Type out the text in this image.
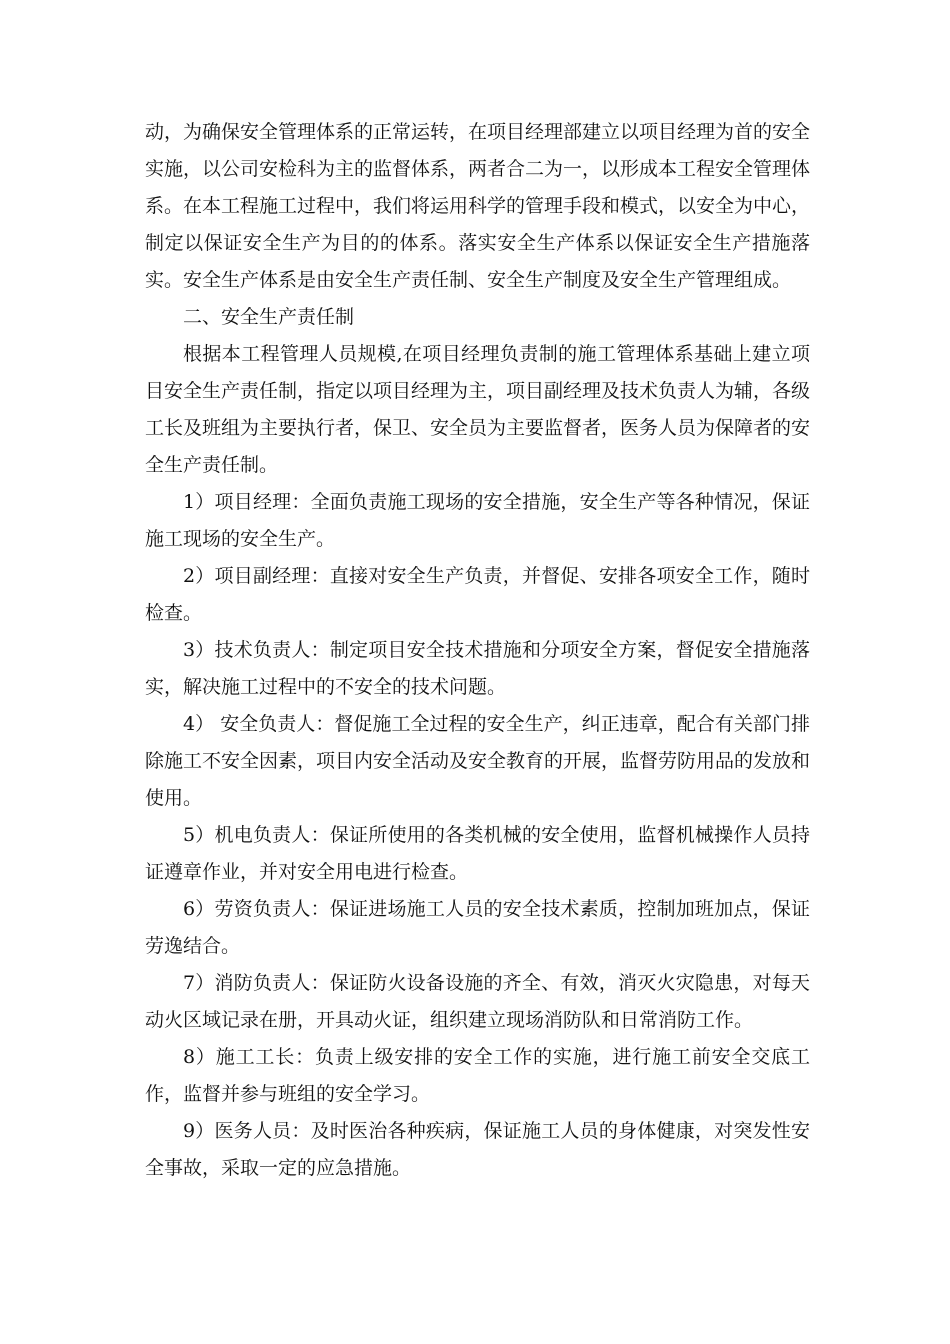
动，为确保安全管理体系的正常运转，在项目经理部建立以项目经理为首的安全实施，以公司安检科为主的监督体系，两者合二为一，以形成本工程安全管理体系。在本工程施工过程中，我们将运用科学的管理手段和模式，以安全为中心，制定以保证安全生产为目的的体系。落实安全生产体系以保证安全生产措施落实。安全生产体系是由安全生产责任制、安全生产制度及安全生产管理组成。

二、安全生产责任制

根据本工程管理人员规模,在项目经理负责制的施工管理体系基础上建立项目安全生产责任制，指定以项目经理为主，项目副经理及技术负责人为辅，各级工长及班组为主要执行者，保卫、安全员为主要监督者，医务人员为保障者的安全生产责任制。

1）项目经理：全面负责施工现场的安全措施，安全生产等各种情况，保证施工现场的安全生产。

2）项目副经理：直接对安全生产负责，并督促、安排各项安全工作，随时检查。

3）技术负责人：制定项目安全技术措施和分项安全方案，督促安全措施落实，解决施工过程中的不安全的技术问题。

4） 安全负责人：督促施工全过程的安全生产，纠正违章，配合有关部门排除施工不安全因素，项目内安全活动及安全教育的开展，监督劳防用品的发放和使用。

5）机电负责人：保证所使用的各类机械的安全使用，监督机械操作人员持证遵章作业，并对安全用电进行检查。

6）劳资负责人：保证进场施工人员的安全技术素质，控制加班加点，保证劳逸结合。

7）消防负责人：保证防火设备设施的齐全、有效，消灭火灾隐患，对每天动火区域记录在册，开具动火证，组织建立现场消防队和日常消防工作。

8）施工工长：负责上级安排的安全工作的实施，进行施工前安全交底工作，监督并参与班组的安全学习。

9）医务人员：及时医治各种疾病，保证施工人员的身体健康，对突发性安全事故，采取一定的应急措施。
